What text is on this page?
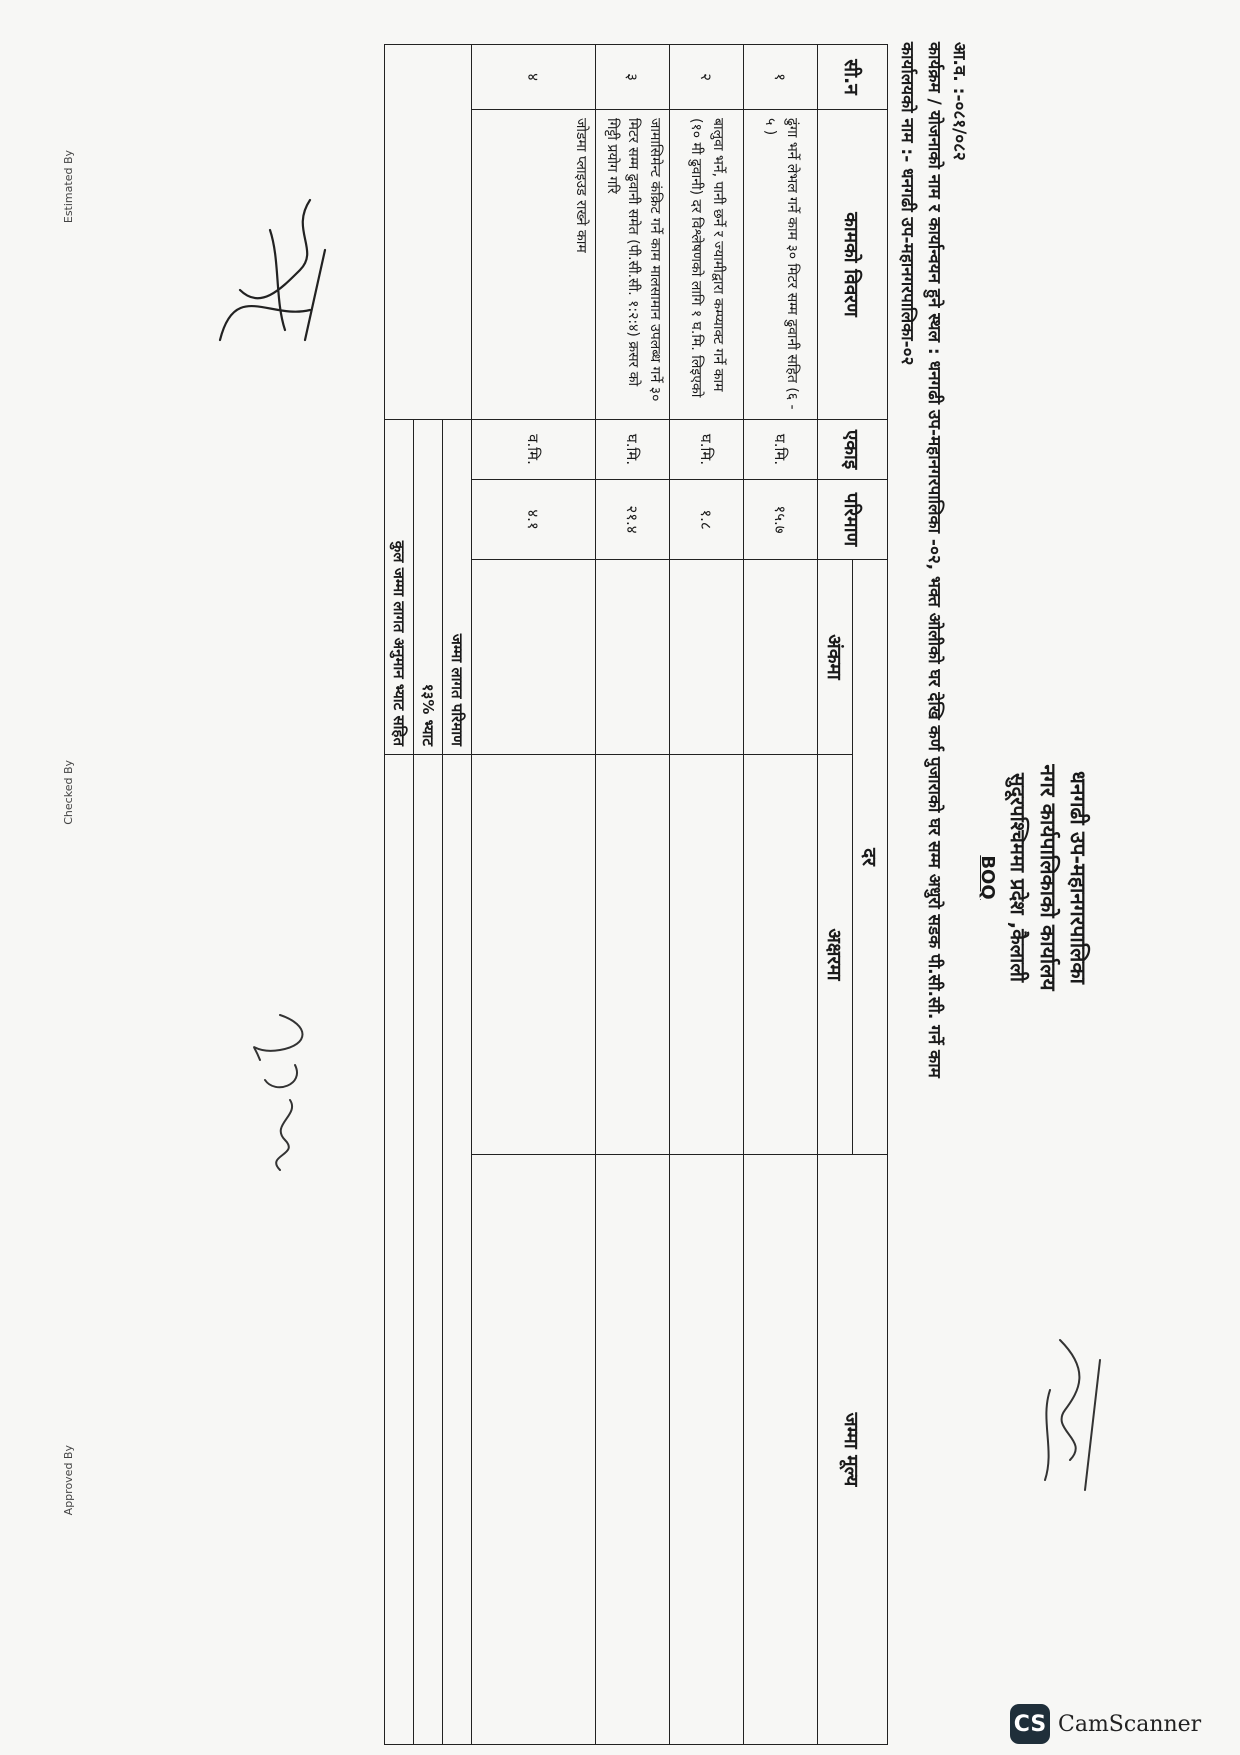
धनगढी उप-महानगरपालिका
नगर कार्यपालिकाको कार्यालय
सुदूरपश्चिममा प्रदेश ,कैलाली
BOQ
आ.व. :-०८१/०८२
कार्यक्रम / योजनाको नाम र कार्यान्वयन हुने स्थल : धनगढी उप-महानगरपालिका -०२, भक्त ओलीको घर देखि कर्ण पुजाराको घर सम्म अधुरो सडक पी.सी.सी. गर्ने काम
कार्यालयको नाम :- धनगढी उप-महानगरपालिका-०२
सी.न	कामको विवरण	एकाइ	परिमाण	दर		जम्मा मूल्य
				अंकमा	अक्षरमा	
१	ढुंगा भर्ने लेभल गर्ने काम ३० मिटर सम्म ढुवानी सहित (६ - ५ )	घ.मि.	१५.७			
२	बालुवा भर्ने, पानी छर्ने र ज्यामीद्वारा कम्प्याक्ट गर्ने काम (१० मी ढुवानी) दर विश्लेषणको लागि १ घ.मि. लिइएको	घ.मि.	१.८			
३	जामासिमेन्ट कंक्रिट गर्ने काम मालसामान उपलब्ध गर्ने ३० मिटर सम्म ढुवानी समेत (पी.सी.सी. १:२:४) क्रसर को गिट्टी प्रयोग गरि	घ.मि.	२१.४			
४	जोडमा प्लाइउड राख्ने काम	व.मि.	४.१			
		जम्मा लागत परिमाण				
		१३% भ्याट				
		कुल जम्मा लागत अनुमान भ्याट सहित				
Estimated By
Checked By
Approved By
CS CamScanner
